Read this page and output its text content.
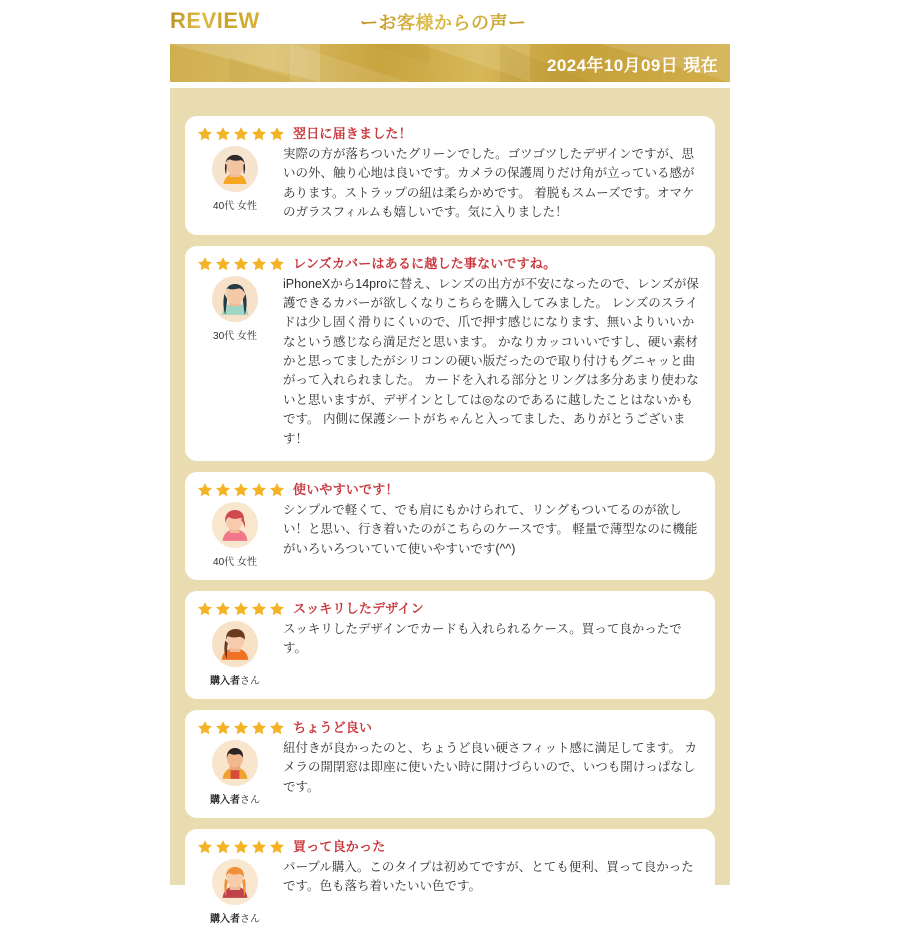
REVIEW	ーお客様からの声ー
2024年10月09日 現在
翌日に届きました！
40代 女性
実際の方が落ちついたグリーンでした。ゴツゴツしたデザインですが、思いの外、触り心地は良いです。カメラの保護周りだけ角が立っている感があります。ストラップの紐は柔らかめです。 着脱もスムーズです。オマケのガラスフィルムも嬉しいです。気に入りました！
レンズカバーはあるに越した事ないですね。
30代 女性
iPhoneXから14proに替え、レンズの出方が不安になったので、レンズが保護できるカバーが欲しくなりこちらを購入してみました。 レンズのスライドは少し固く滑りにくいので、爪で押す感じになります、無いよりいいかなという感じなら満足だと思います。 かなりカッコいいですし、硬い素材かと思ってましたがシリコンの硬い版だったので取り付けもグニャッと曲がって入れられました。 カードを入れる部分とリングは多分あまり使わないと思いますが、デザインとしては◎なのであるに越したことはないかもです。 内側に保護シートがちゃんと入ってました、ありがとうございます！
使いやすいです！
40代 女性
シンプルで軽くて、でも肩にもかけられて、リングもついてるのが欲しい！と思い、行き着いたのがこちらのケースです。 軽量で薄型なのに機能がいろいろついていて使いやすいです(^^)
スッキリしたデザイン
購入者さん
スッキリしたデザインでカードも入れられるケース。買って良かったです。
ちょうど良い
購入者さん
紐付きが良かったのと、ちょうど良い硬さフィット感に満足してます。 カメラの開閉窓は即座に使いたい時に開けづらいので、いつも開けっぱなしです。
買って良かった
購入者さん
パープル購入。このタイプは初めてですが、とても便利、買って良かったです。色も落ち着いたいい色です。
